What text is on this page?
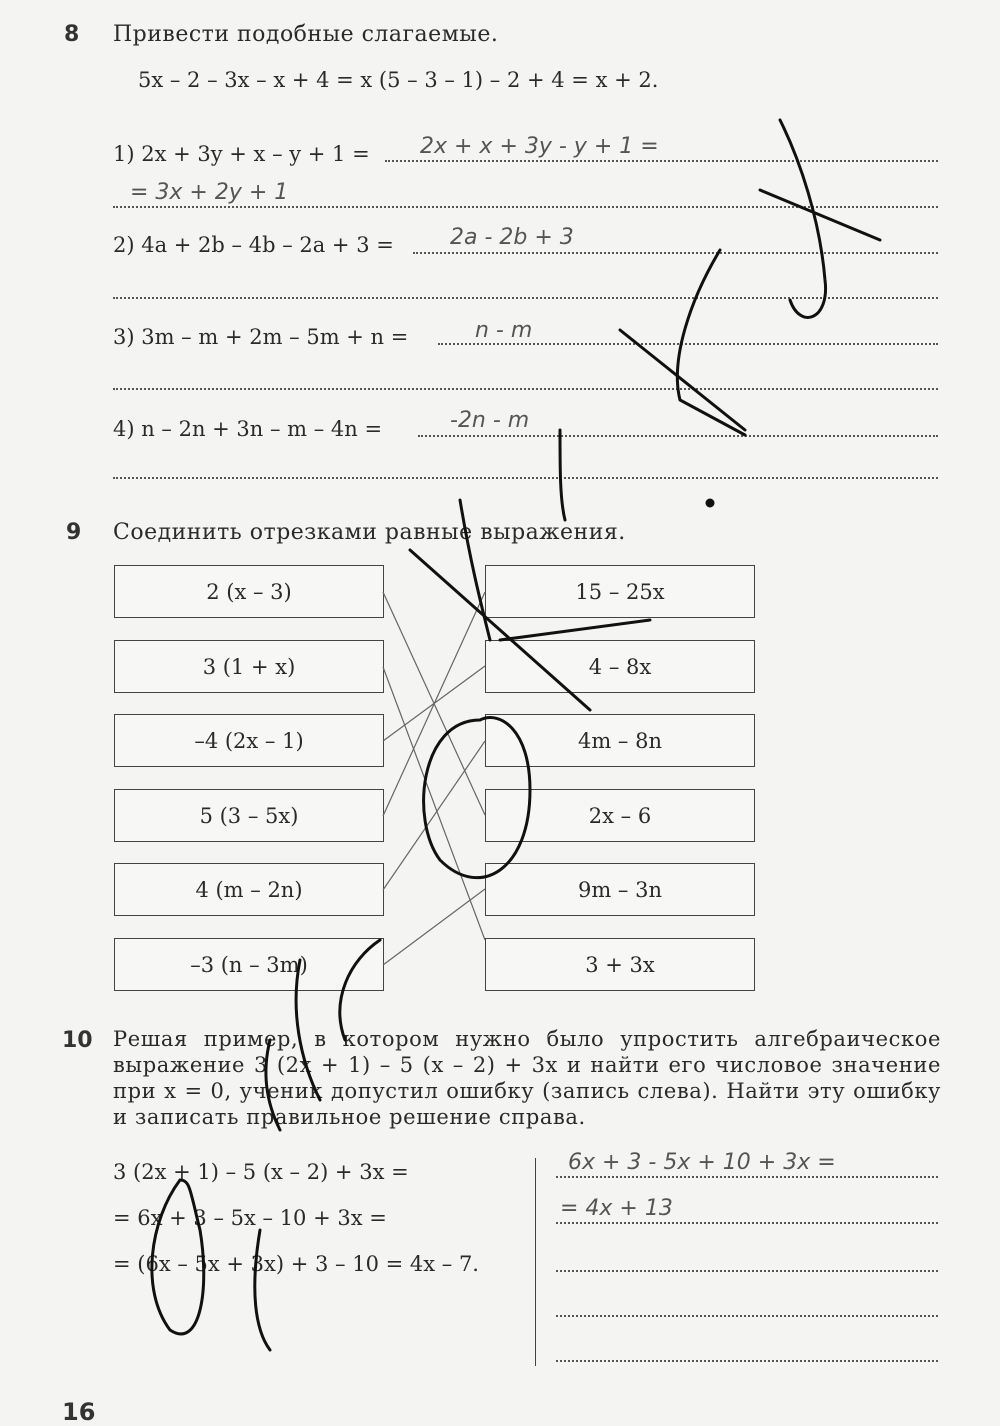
8 Привести подобные слагаемые.
5x – 2 – 3x – x + 4 = x (5 – 3 – 1) – 2 + 4 = x + 2.
1) 2x + 3y + x – y + 1 = 2x + x + 3y - y + 1 =
= 3x + 2y + 1
2) 4a + 2b – 4b – 2a + 3 =	2a - 2b + 3
3) 3m – m + 2m – 5m + n =	n - m
4) n – 2n + 3n – m – 4n =	-2n - m
9 Соединить отрезками равные выражения.
2 (x – 3)
3 (1 + x)
–4 (2x – 1)
5 (3 – 5x)
4 (m – 2n)
–3 (n – 3m)
15 – 25x
4 – 8x
4m – 8n
2x – 6
9m – 3n
3 + 3x
10 Решая пример, в котором нужно было упростить алгебраическое выражение 3 (2x + 1) – 5 (x – 2) + 3x и найти его числовое значение при x = 0, ученик допустил ошибку (запись слева). Найти эту ошибку и записать правильное решение справа.
3 (2x + 1) – 5 (x – 2) + 3x =
= 6x + 3 – 5x – 10 + 3x =
= (6x – 5x + 3x) + 3 – 10 = 4x – 7.
6x + 3 - 5x + 10 + 3x =
= 4x + 13
16
